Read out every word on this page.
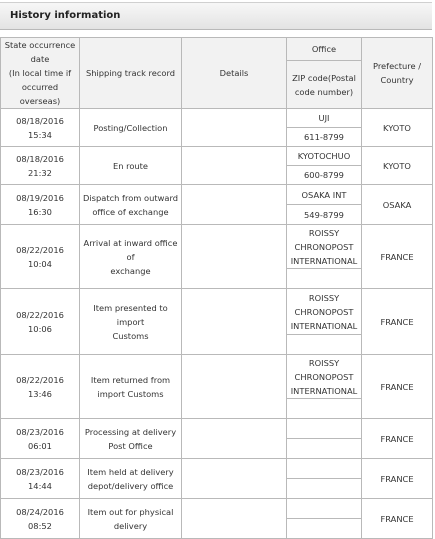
History information
State occurrence
date
(In local time if
occurred
overseas)	Shipping track record	Details	Office	Prefecture /
Country
			ZIP code(Postal
code number)	
08/18/2016 15:34	Posting/Collection		UJI	KYOTO
			611-8799	
08/18/2016 21:32	En route		KYOTOCHUO	KYOTO
			600-8799	
08/19/2016 16:30	Dispatch from outward
office of exchange		OSAKA INT	OSAKA
			549-8799	
08/22/2016 10:04	Arrival at inward office of
exchange		ROISSY
CHRONOPOST
INTERNATIONAL	FRANCE

08/22/2016 10:06	Item presented to import
Customs		ROISSY
CHRONOPOST
INTERNATIONAL	FRANCE

08/22/2016 13:46	Item returned from
import Customs		ROISSY
CHRONOPOST
INTERNATIONAL	FRANCE

08/23/2016 06:01	Processing at delivery
Post Office			FRANCE

08/23/2016 14:44	Item held at delivery
depot/delivery office			FRANCE

08/24/2016 08:52	Item out for physical
delivery			FRANCE
